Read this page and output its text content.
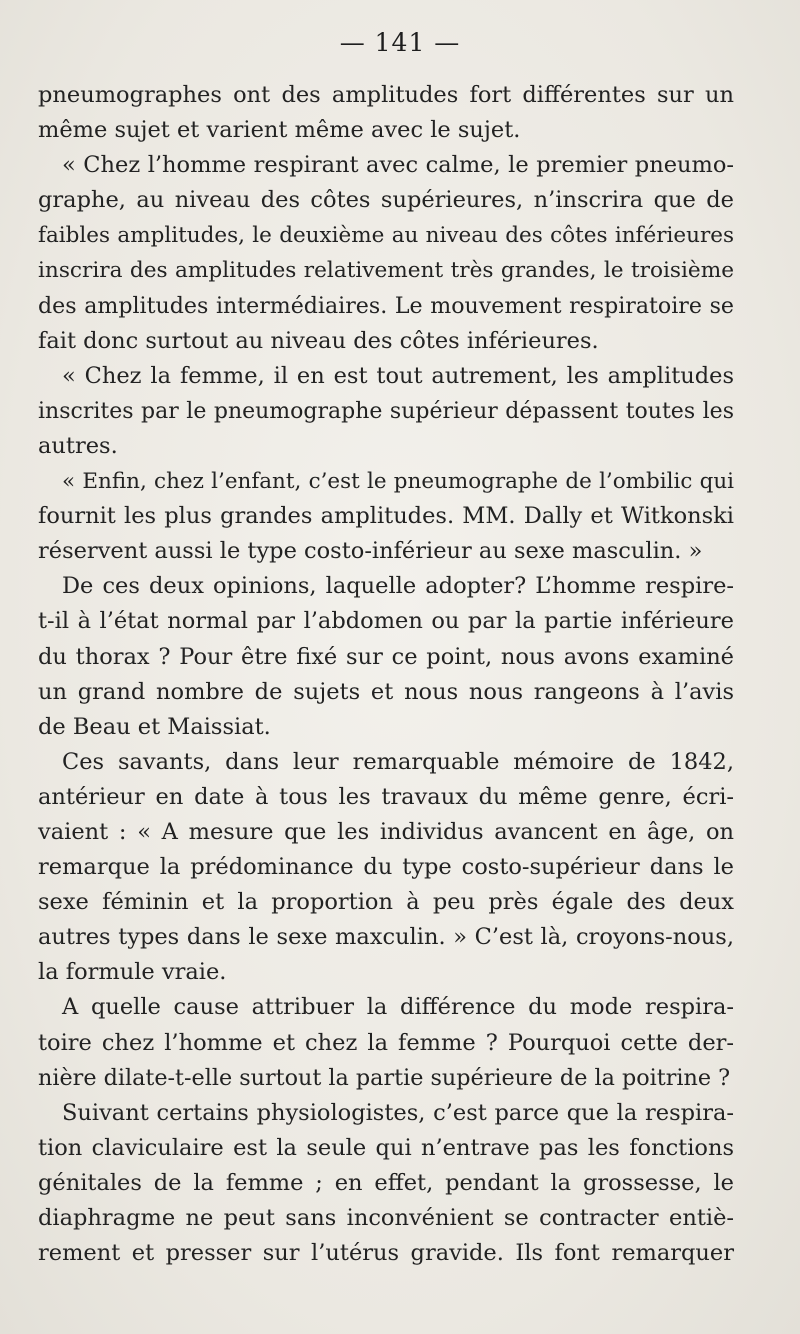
— 141 —
pneumographes ont des amplitudes fort différentes sur un
même sujet et varient même avec le sujet.
« Chez l’homme respirant avec calme, le premier pneumo-
graphe, au niveau des côtes supérieures, n’inscrira que de
faibles amplitudes, le deuxième au niveau des côtes inférieures
inscrira des amplitudes relativement très grandes, le troisième
des amplitudes intermédiaires. Le mouvement respiratoire se
fait donc surtout au niveau des côtes inférieures.
« Chez la femme, il en est tout autrement, les amplitudes
inscrites par le pneumographe supérieur dépassent toutes les
autres.
« Enfin, chez l’enfant, c’est le pneumographe de l’ombilic qui
fournit les plus grandes amplitudes. MM. Dally et Witkonski
réservent aussi le type costo-inférieur au sexe masculin. »
De ces deux opinions, laquelle adopter? L’homme respire-
t-il à l’état normal par l’abdomen ou par la partie inférieure
du thorax ? Pour être fixé sur ce point, nous avons examiné
un grand nombre de sujets et nous nous rangeons à l’avis
de Beau et Maissiat.
Ces savants, dans leur remarquable mémoire de 1842,
antérieur en date à tous les travaux du même genre, écri-
vaient : « A mesure que les individus avancent en âge, on
remarque la prédominance du type costo-supérieur dans le
sexe féminin et la proportion à peu près égale des deux
autres types dans le sexe maxculin. » C’est là, croyons-nous,
la formule vraie.
A quelle cause attribuer la différence du mode respira-
toire chez l’homme et chez la femme ? Pourquoi cette der-
nière dilate-t-elle surtout la partie supérieure de la poitrine ?
Suivant certains physiologistes, c’est parce que la respira-
tion claviculaire est la seule qui n’entrave pas les fonctions
génitales de la femme ; en effet, pendant la grossesse, le
diaphragme ne peut sans inconvénient se contracter entiè-
rement et presser sur l’utérus gravide. Ils font remarquer
